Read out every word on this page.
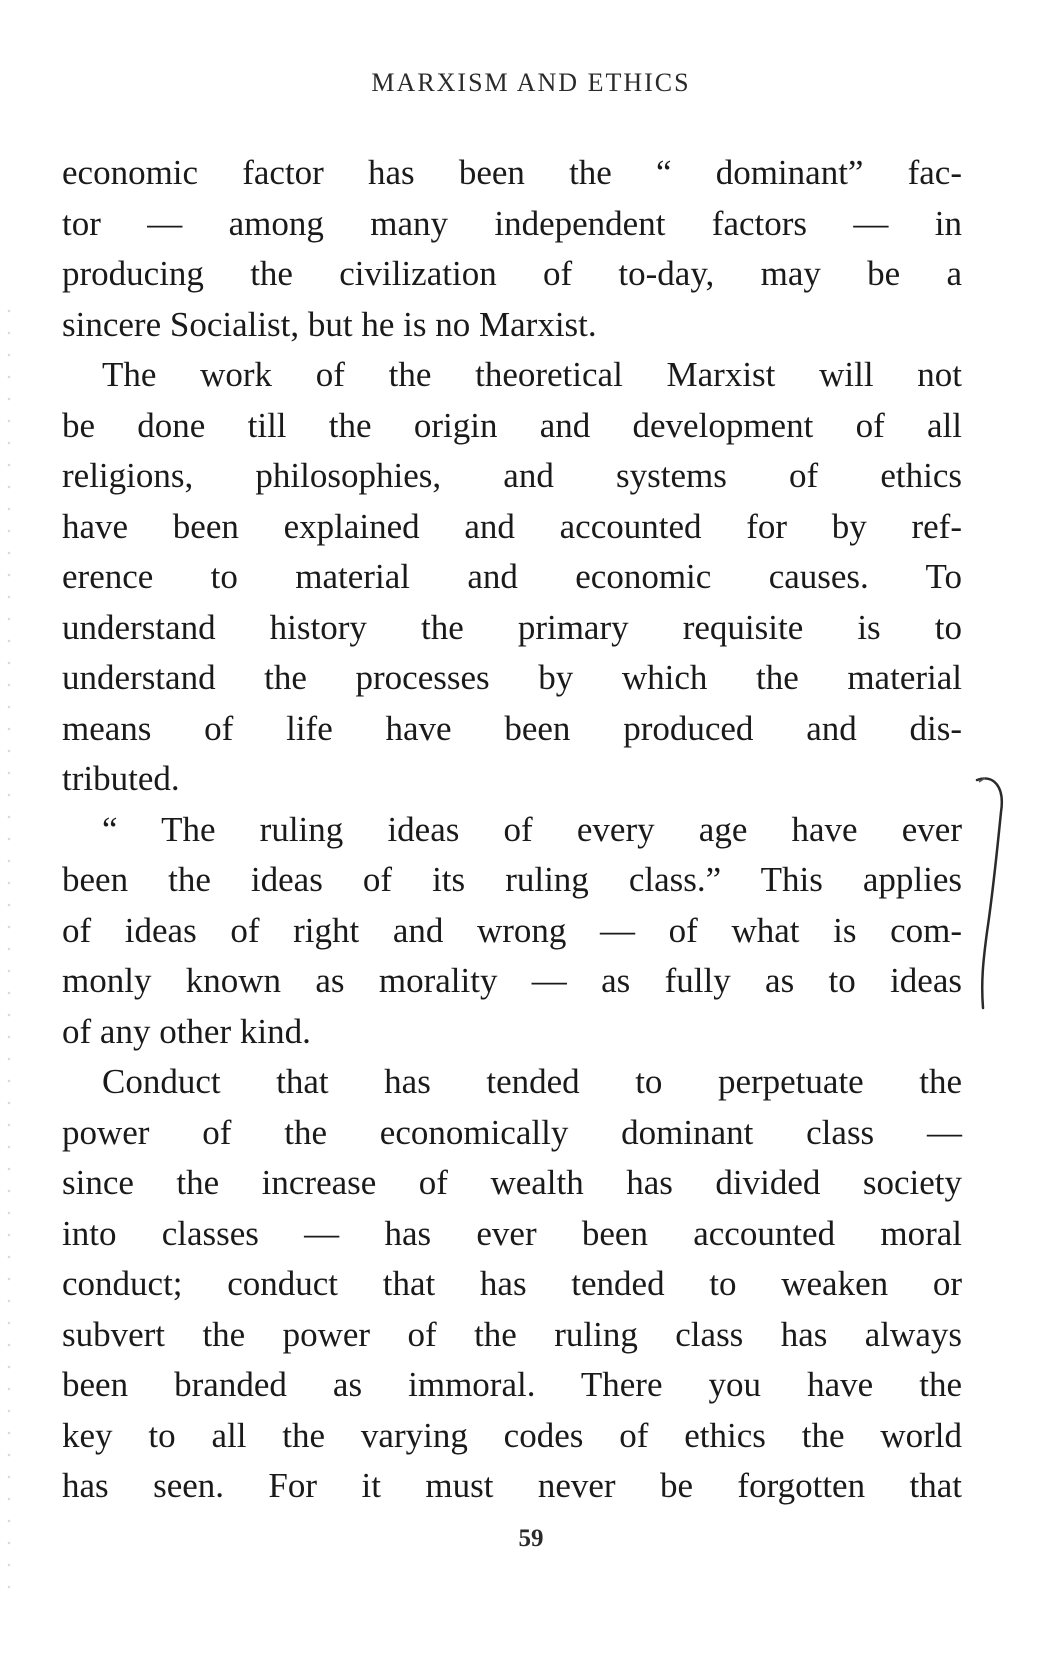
MARXISM AND ETHICS
economic factor has been the “ dominant” fac-
tor — among many independent factors — in
producing the civilization of to-day, may be a
sincere Socialist, but he is no Marxist.
The work of the theoretical Marxist will not
be done till the origin and development of all
religions, philosophies, and systems of ethics
have been explained and accounted for by ref-
erence to material and economic causes. To
understand history the primary requisite is to
understand the processes by which the material
means of life have been produced and dis-
tributed.
“ The ruling ideas of every age have ever
been the ideas of its ruling class.” This applies
of ideas of right and wrong — of what is com-
monly known as morality — as fully as to ideas
of any other kind.
Conduct that has tended to perpetuate the
power of the economically dominant class —
since the increase of wealth has divided society
into classes — has ever been accounted moral
conduct; conduct that has tended to weaken or
subvert the power of the ruling class has always
been branded as immoral. There you have the
key to all the varying codes of ethics the world
has seen. For it must never be forgotten that
59
